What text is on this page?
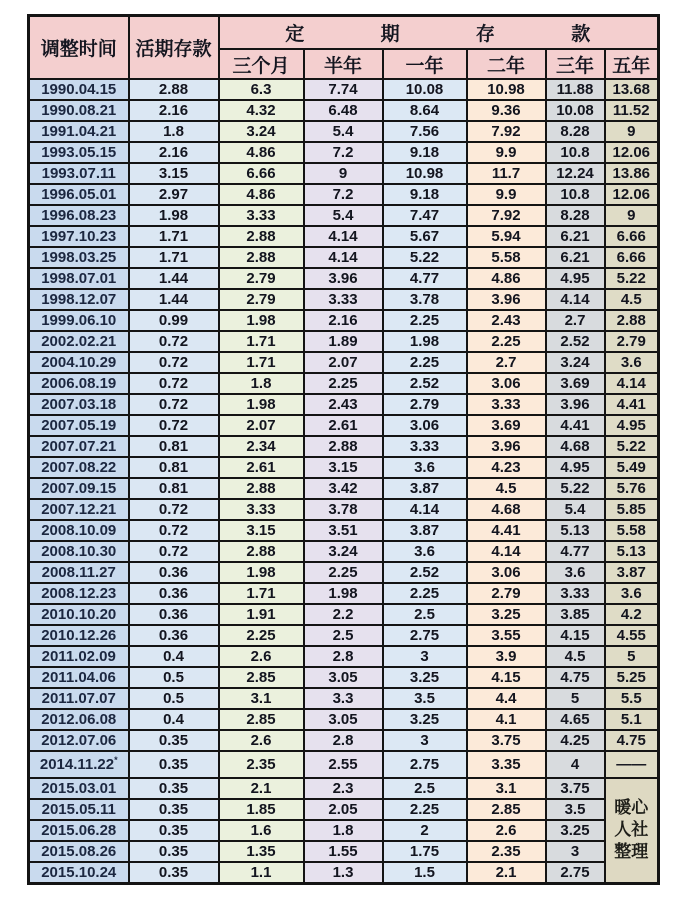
调整时间	活期存款	定            期            存            款					
		三个月	半年	一年	二年	三年	五年
1990.04.15	2.88	6.3	7.74	10.08	10.98	11.88	13.68
1990.08.21	2.16	4.32	6.48	8.64	9.36	10.08	11.52
1991.04.21	1.8	3.24	5.4	7.56	7.92	8.28	9
1993.05.15	2.16	4.86	7.2	9.18	9.9	10.8	12.06
1993.07.11	3.15	6.66	9	10.98	11.7	12.24	13.86
1996.05.01	2.97	4.86	7.2	9.18	9.9	10.8	12.06
1996.08.23	1.98	3.33	5.4	7.47	7.92	8.28	9
1997.10.23	1.71	2.88	4.14	5.67	5.94	6.21	6.66
1998.03.25	1.71	2.88	4.14	5.22	5.58	6.21	6.66
1998.07.01	1.44	2.79	3.96	4.77	4.86	4.95	5.22
1998.12.07	1.44	2.79	3.33	3.78	3.96	4.14	4.5
1999.06.10	0.99	1.98	2.16	2.25	2.43	2.7	2.88
2002.02.21	0.72	1.71	1.89	1.98	2.25	2.52	2.79
2004.10.29	0.72	1.71	2.07	2.25	2.7	3.24	3.6
2006.08.19	0.72	1.8	2.25	2.52	3.06	3.69	4.14
2007.03.18	0.72	1.98	2.43	2.79	3.33	3.96	4.41
2007.05.19	0.72	2.07	2.61	3.06	3.69	4.41	4.95
2007.07.21	0.81	2.34	2.88	3.33	3.96	4.68	5.22
2007.08.22	0.81	2.61	3.15	3.6	4.23	4.95	5.49
2007.09.15	0.81	2.88	3.42	3.87	4.5	5.22	5.76
2007.12.21	0.72	3.33	3.78	4.14	4.68	5.4	5.85
2008.10.09	0.72	3.15	3.51	3.87	4.41	5.13	5.58
2008.10.30	0.72	2.88	3.24	3.6	4.14	4.77	5.13
2008.11.27	0.36	1.98	2.25	2.52	3.06	3.6	3.87
2008.12.23	0.36	1.71	1.98	2.25	2.79	3.33	3.6
2010.10.20	0.36	1.91	2.2	2.5	3.25	3.85	4.2
2010.12.26	0.36	2.25	2.5	2.75	3.55	4.15	4.55
2011.02.09	0.4	2.6	2.8	3	3.9	4.5	5
2011.04.06	0.5	2.85	3.05	3.25	4.15	4.75	5.25
2011.07.07	0.5	3.1	3.3	3.5	4.4	5	5.5
2012.06.08	0.4	2.85	3.05	3.25	4.1	4.65	5.1
2012.07.06	0.35	2.6	2.8	3	3.75	4.25	4.75
2014.11.22*	0.35	2.35	2.55	2.75	3.35	4	——
2015.03.01	0.35	2.1	2.3	2.5	3.1	3.75	暖心
人社
整理
2015.05.11	0.35	1.85	2.05	2.25	2.85	3.5	
2015.06.28	0.35	1.6	1.8	2	2.6	3.25	
2015.08.26	0.35	1.35	1.55	1.75	2.35	3	
2015.10.24	0.35	1.1	1.3	1.5	2.1	2.75	
